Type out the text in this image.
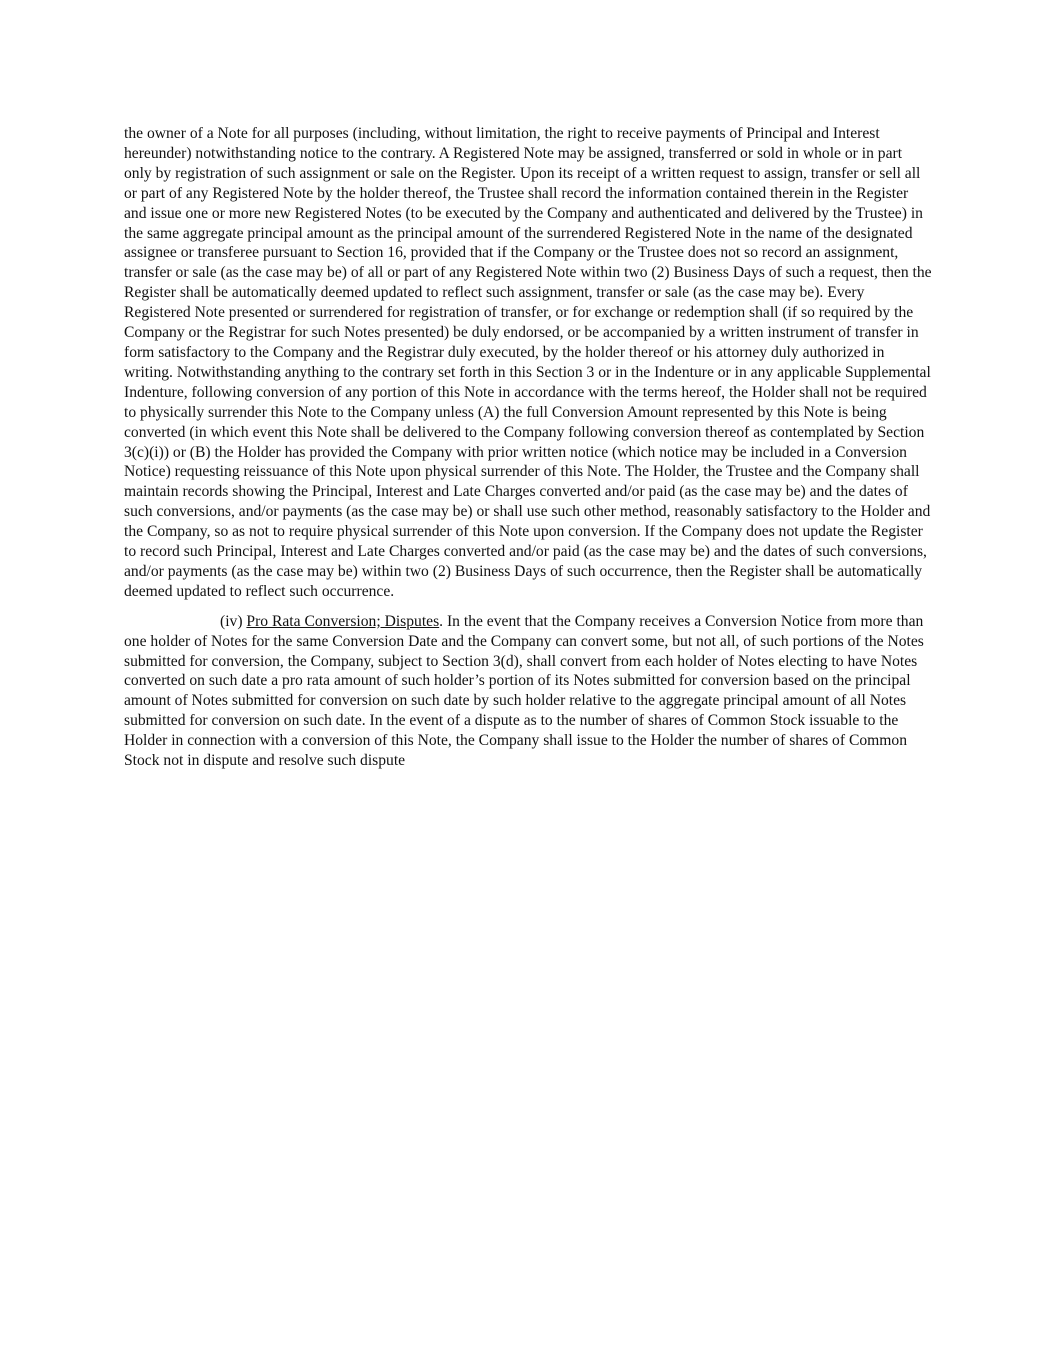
the owner of a Note for all purposes (including, without limitation, the right to receive payments of Principal and Interest hereunder) notwithstanding notice to the contrary. A Registered Note may be assigned, transferred or sold in whole or in part only by registration of such assignment or sale on the Register. Upon its receipt of a written request to assign, transfer or sell all or part of any Registered Note by the holder thereof, the Trustee shall record the information contained therein in the Register and issue one or more new Registered Notes (to be executed by the Company and authenticated and delivered by the Trustee) in the same aggregate principal amount as the principal amount of the surrendered Registered Note in the name of the designated assignee or transferee pursuant to Section 16, provided that if the Company or the Trustee does not so record an assignment, transfer or sale (as the case may be) of all or part of any Registered Note within two (2) Business Days of such a request, then the Register shall be automatically deemed updated to reflect such assignment, transfer or sale (as the case may be). Every Registered Note presented or surrendered for registration of transfer, or for exchange or redemption shall (if so required by the Company or the Registrar for such Notes presented) be duly endorsed, or be accompanied by a written instrument of transfer in form satisfactory to the Company and the Registrar duly executed, by the holder thereof or his attorney duly authorized in writing. Notwithstanding anything to the contrary set forth in this Section 3 or in the Indenture or in any applicable Supplemental Indenture, following conversion of any portion of this Note in accordance with the terms hereof, the Holder shall not be required to physically surrender this Note to the Company unless (A) the full Conversion Amount represented by this Note is being converted (in which event this Note shall be delivered to the Company following conversion thereof as contemplated by Section 3(c)(i)) or (B) the Holder has provided the Company with prior written notice (which notice may be included in a Conversion Notice) requesting reissuance of this Note upon physical surrender of this Note. The Holder, the Trustee and the Company shall maintain records showing the Principal, Interest and Late Charges converted and/or paid (as the case may be) and the dates of such conversions, and/or payments (as the case may be) or shall use such other method, reasonably satisfactory to the Holder and the Company, so as not to require physical surrender of this Note upon conversion. If the Company does not update the Register to record such Principal, Interest and Late Charges converted and/or paid (as the case may be) and the dates of such conversions, and/or payments (as the case may be) within two (2) Business Days of such occurrence, then the Register shall be automatically deemed updated to reflect such occurrence.

(iv) Pro Rata Conversion; Disputes. In the event that the Company receives a Conversion Notice from more than one holder of Notes for the same Conversion Date and the Company can convert some, but not all, of such portions of the Notes submitted for conversion, the Company, subject to Section 3(d), shall convert from each holder of Notes electing to have Notes converted on such date a pro rata amount of such holder’s portion of its Notes submitted for conversion based on the principal amount of Notes submitted for conversion on such date by such holder relative to the aggregate principal amount of all Notes submitted for conversion on such date. In the event of a dispute as to the number of shares of Common Stock issuable to the Holder in connection with a conversion of this Note, the Company shall issue to the Holder the number of shares of Common Stock not in dispute and resolve such dispute
